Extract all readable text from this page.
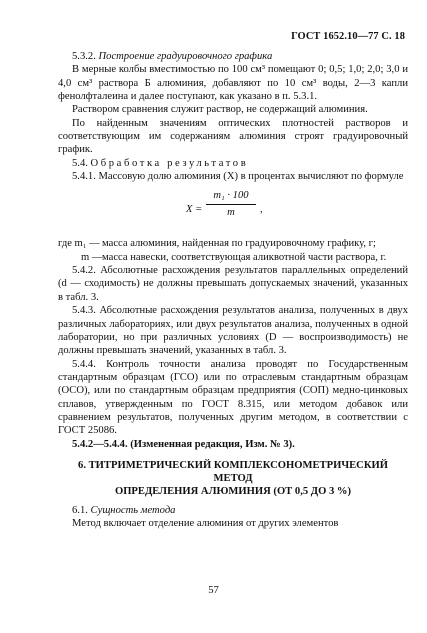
ГОСТ 1652.10—77 С. 18

5.3.2. Построение градуировочного графика

В мерные колбы вместимостью по 100 см³ помещают 0; 0,5; 1,0; 2,0; 3,0 и 4,0 см³ раствора Б алюминия, добавляют по 10 см³ воды, 2—3 капли фенолфталеина и далее поступают, как указано в п. 5.3.1.

Раствором сравнения служит раствор, не содержащий алюминия.

По найденным значениям оптических плотностей растворов и соответствующим им содержаниям алюминия строят градуировочный график.

5.4. Обработка результатов

5.4.1. Массовую долю алюминия (X) в процентах вычисляют по формуле

X =
m₁ · 100
m	,
где m₁ — масса алюминия, найденная по градуировочному графику, г;
m — масса навески, соответствующая аликвотной части раствора, г.

5.4.2. Абсолютные расхождения результатов параллельных определений (d — сходимость) не должны превышать допускаемых значений, указанных в табл. 3.

5.4.3. Абсолютные расхождения результатов анализа, полученных в двух различных лабораториях, или двух результатов анализа, полученных в одной лаборатории, но при различных условиях (D — воспроизводимость) не должны превышать значений, указанных в табл. 3.

5.4.4. Контроль точности анализа проводят по Государственным стандартным образцам (ГСО) или по отраслевым стандартным образцам (ОСО), или по стандартным образцам предприятия (СОП) медно-цинковых сплавов, утвержденным по ГОСТ 8.315, или методом добавок или сравнением результатов, полученных другим методом, в соответствии с ГОСТ 25086.

5.4.2—5.4.4. (Измененная редакция, Изм. № 3).

6. ТИТРИМЕТРИЧЕСКИЙ КОМПЛЕКСОНОМЕТРИЧЕСКИЙ МЕТОД
ОПРЕДЕЛЕНИЯ АЛЮМИНИЯ (ОТ 0,5 ДО 3 %)

6.1. Сущность метода

Метод включает отделение алюминия от других элементов

57
